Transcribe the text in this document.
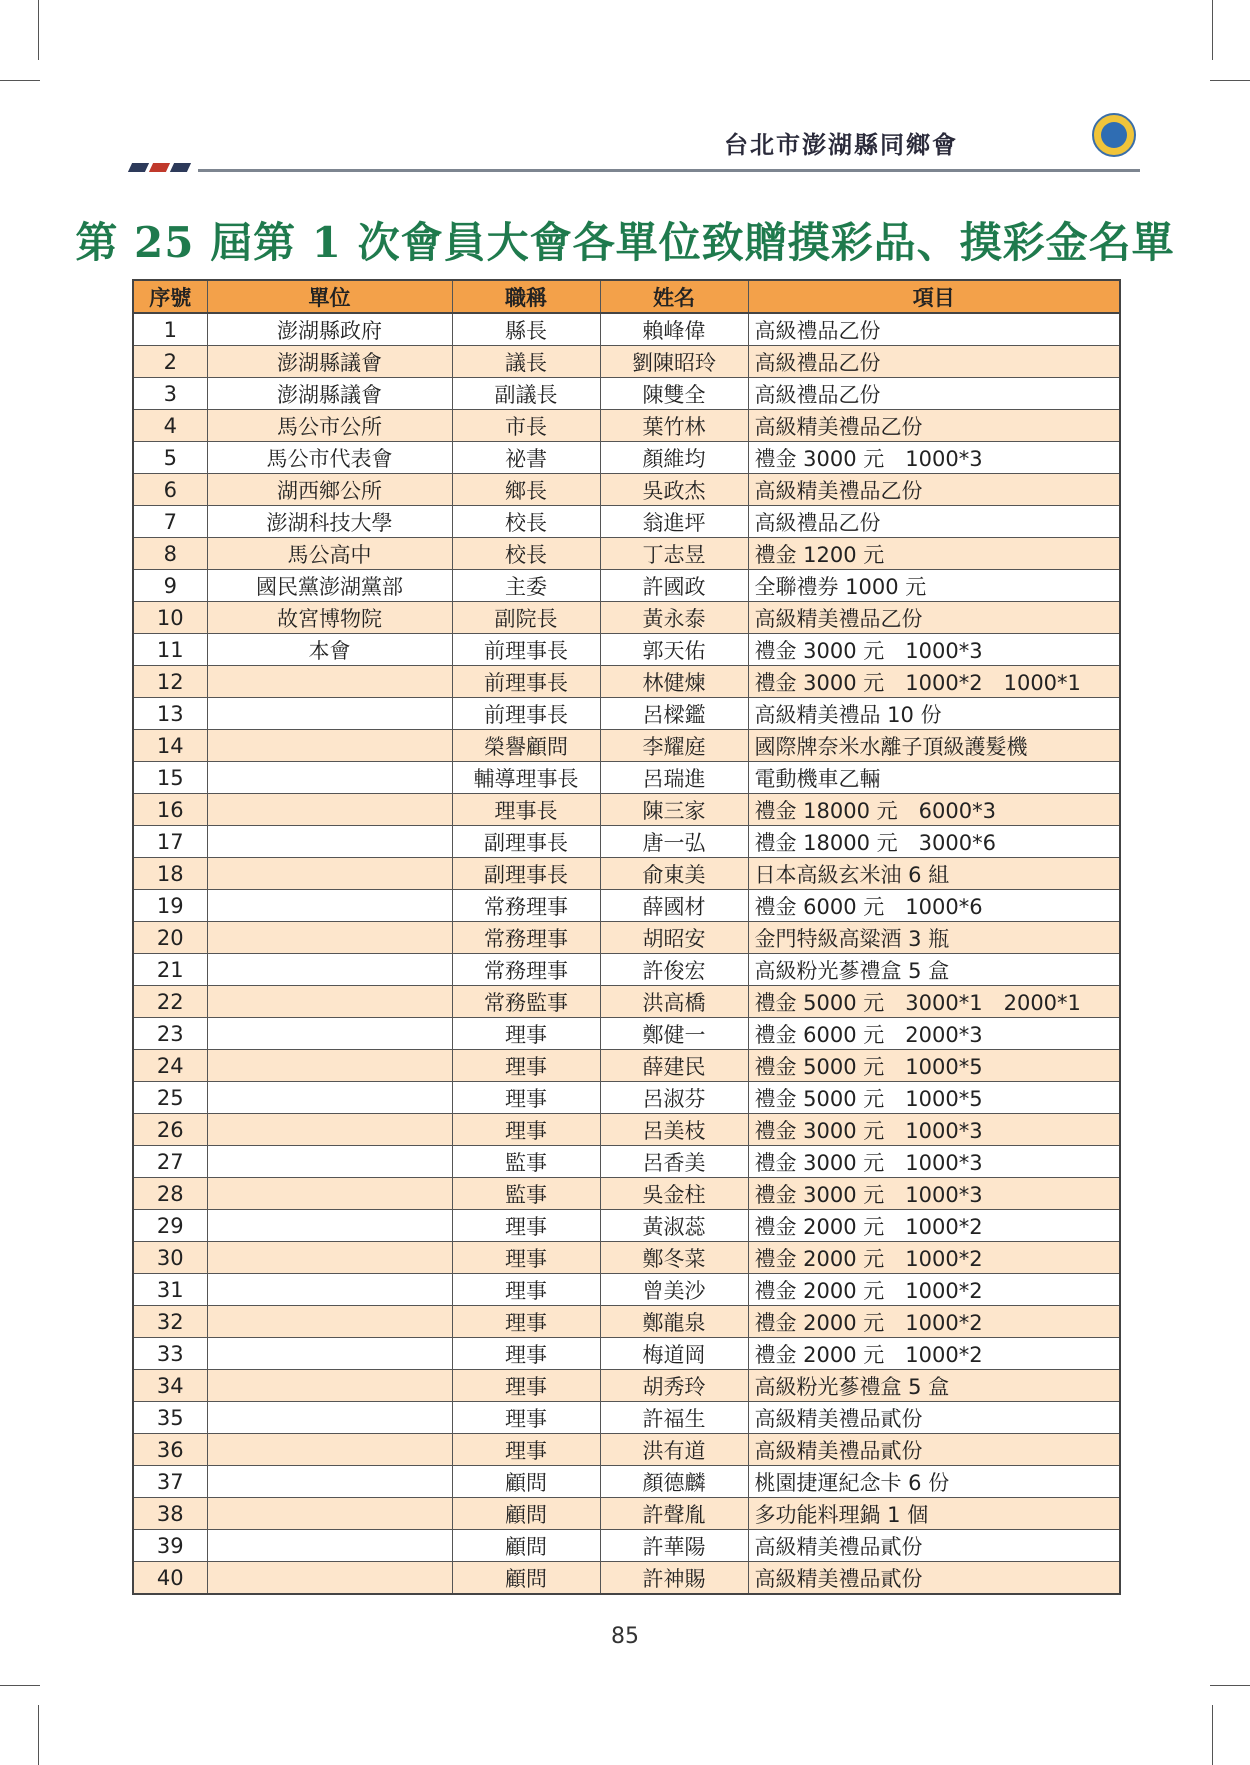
台北市澎湖縣同鄉會
第 25 屆第 1 次會員大會各單位致贈摸彩品、摸彩金名單
序號	單位	職稱	姓名	項目
1	澎湖縣政府	縣長	賴峰偉	高級禮品乙份
2	澎湖縣議會	議長	劉陳昭玲	高級禮品乙份
3	澎湖縣議會	副議長	陳雙全	高級禮品乙份
4	馬公市公所	市長	葉竹林	高級精美禮品乙份
5	馬公市代表會	祕書	顏維均	禮金 3000 元　1000*3
6	湖西鄉公所	鄉長	吳政杰	高級精美禮品乙份
7	澎湖科技大學	校長	翁進坪	高級禮品乙份
8	馬公高中	校長	丁志昱	禮金 1200 元
9	國民黨澎湖黨部	主委	許國政	全聯禮券 1000 元
10	故宮博物院	副院長	黃永泰	高級精美禮品乙份
11	本會	前理事長	郭天佑	禮金 3000 元　1000*3
12		前理事長	林健煉	禮金 3000 元　1000*2　1000*1
13		前理事長	呂樑鑑	高級精美禮品 10 份
14		榮譽顧問	李耀庭	國際牌奈米水離子頂級護髮機
15		輔導理事長	呂瑞進	電動機車乙輛
16		理事長	陳三家	禮金 18000 元　6000*3
17		副理事長	唐一弘	禮金 18000 元　3000*6
18		副理事長	俞東美	日本高級玄米油 6 組
19		常務理事	薛國材	禮金 6000 元　1000*6
20		常務理事	胡昭安	金門特級高粱酒 3 瓶
21		常務理事	許俊宏	高級粉光蔘禮盒 5 盒
22		常務監事	洪高橋	禮金 5000 元　3000*1　2000*1
23		理事	鄭健一	禮金 6000 元　2000*3
24		理事	薛建民	禮金 5000 元　1000*5
25		理事	呂淑芬	禮金 5000 元　1000*5
26		理事	呂美枝	禮金 3000 元　1000*3
27		監事	呂香美	禮金 3000 元　1000*3
28		監事	吳金柱	禮金 3000 元　1000*3
29		理事	黃淑蕊	禮金 2000 元　1000*2
30		理事	鄭冬菜	禮金 2000 元　1000*2
31		理事	曾美沙	禮金 2000 元　1000*2
32		理事	鄭龍泉	禮金 2000 元　1000*2
33		理事	梅道岡	禮金 2000 元　1000*2
34		理事	胡秀玲	高級粉光蔘禮盒 5 盒
35		理事	許福生	高級精美禮品貳份
36		理事	洪有道	高級精美禮品貳份
37		顧問	顏德麟	桃園捷運紀念卡 6 份
38		顧問	許聲胤	多功能料理鍋 1 個
39		顧問	許華陽	高級精美禮品貳份
40		顧問	許神賜	高級精美禮品貳份
85
